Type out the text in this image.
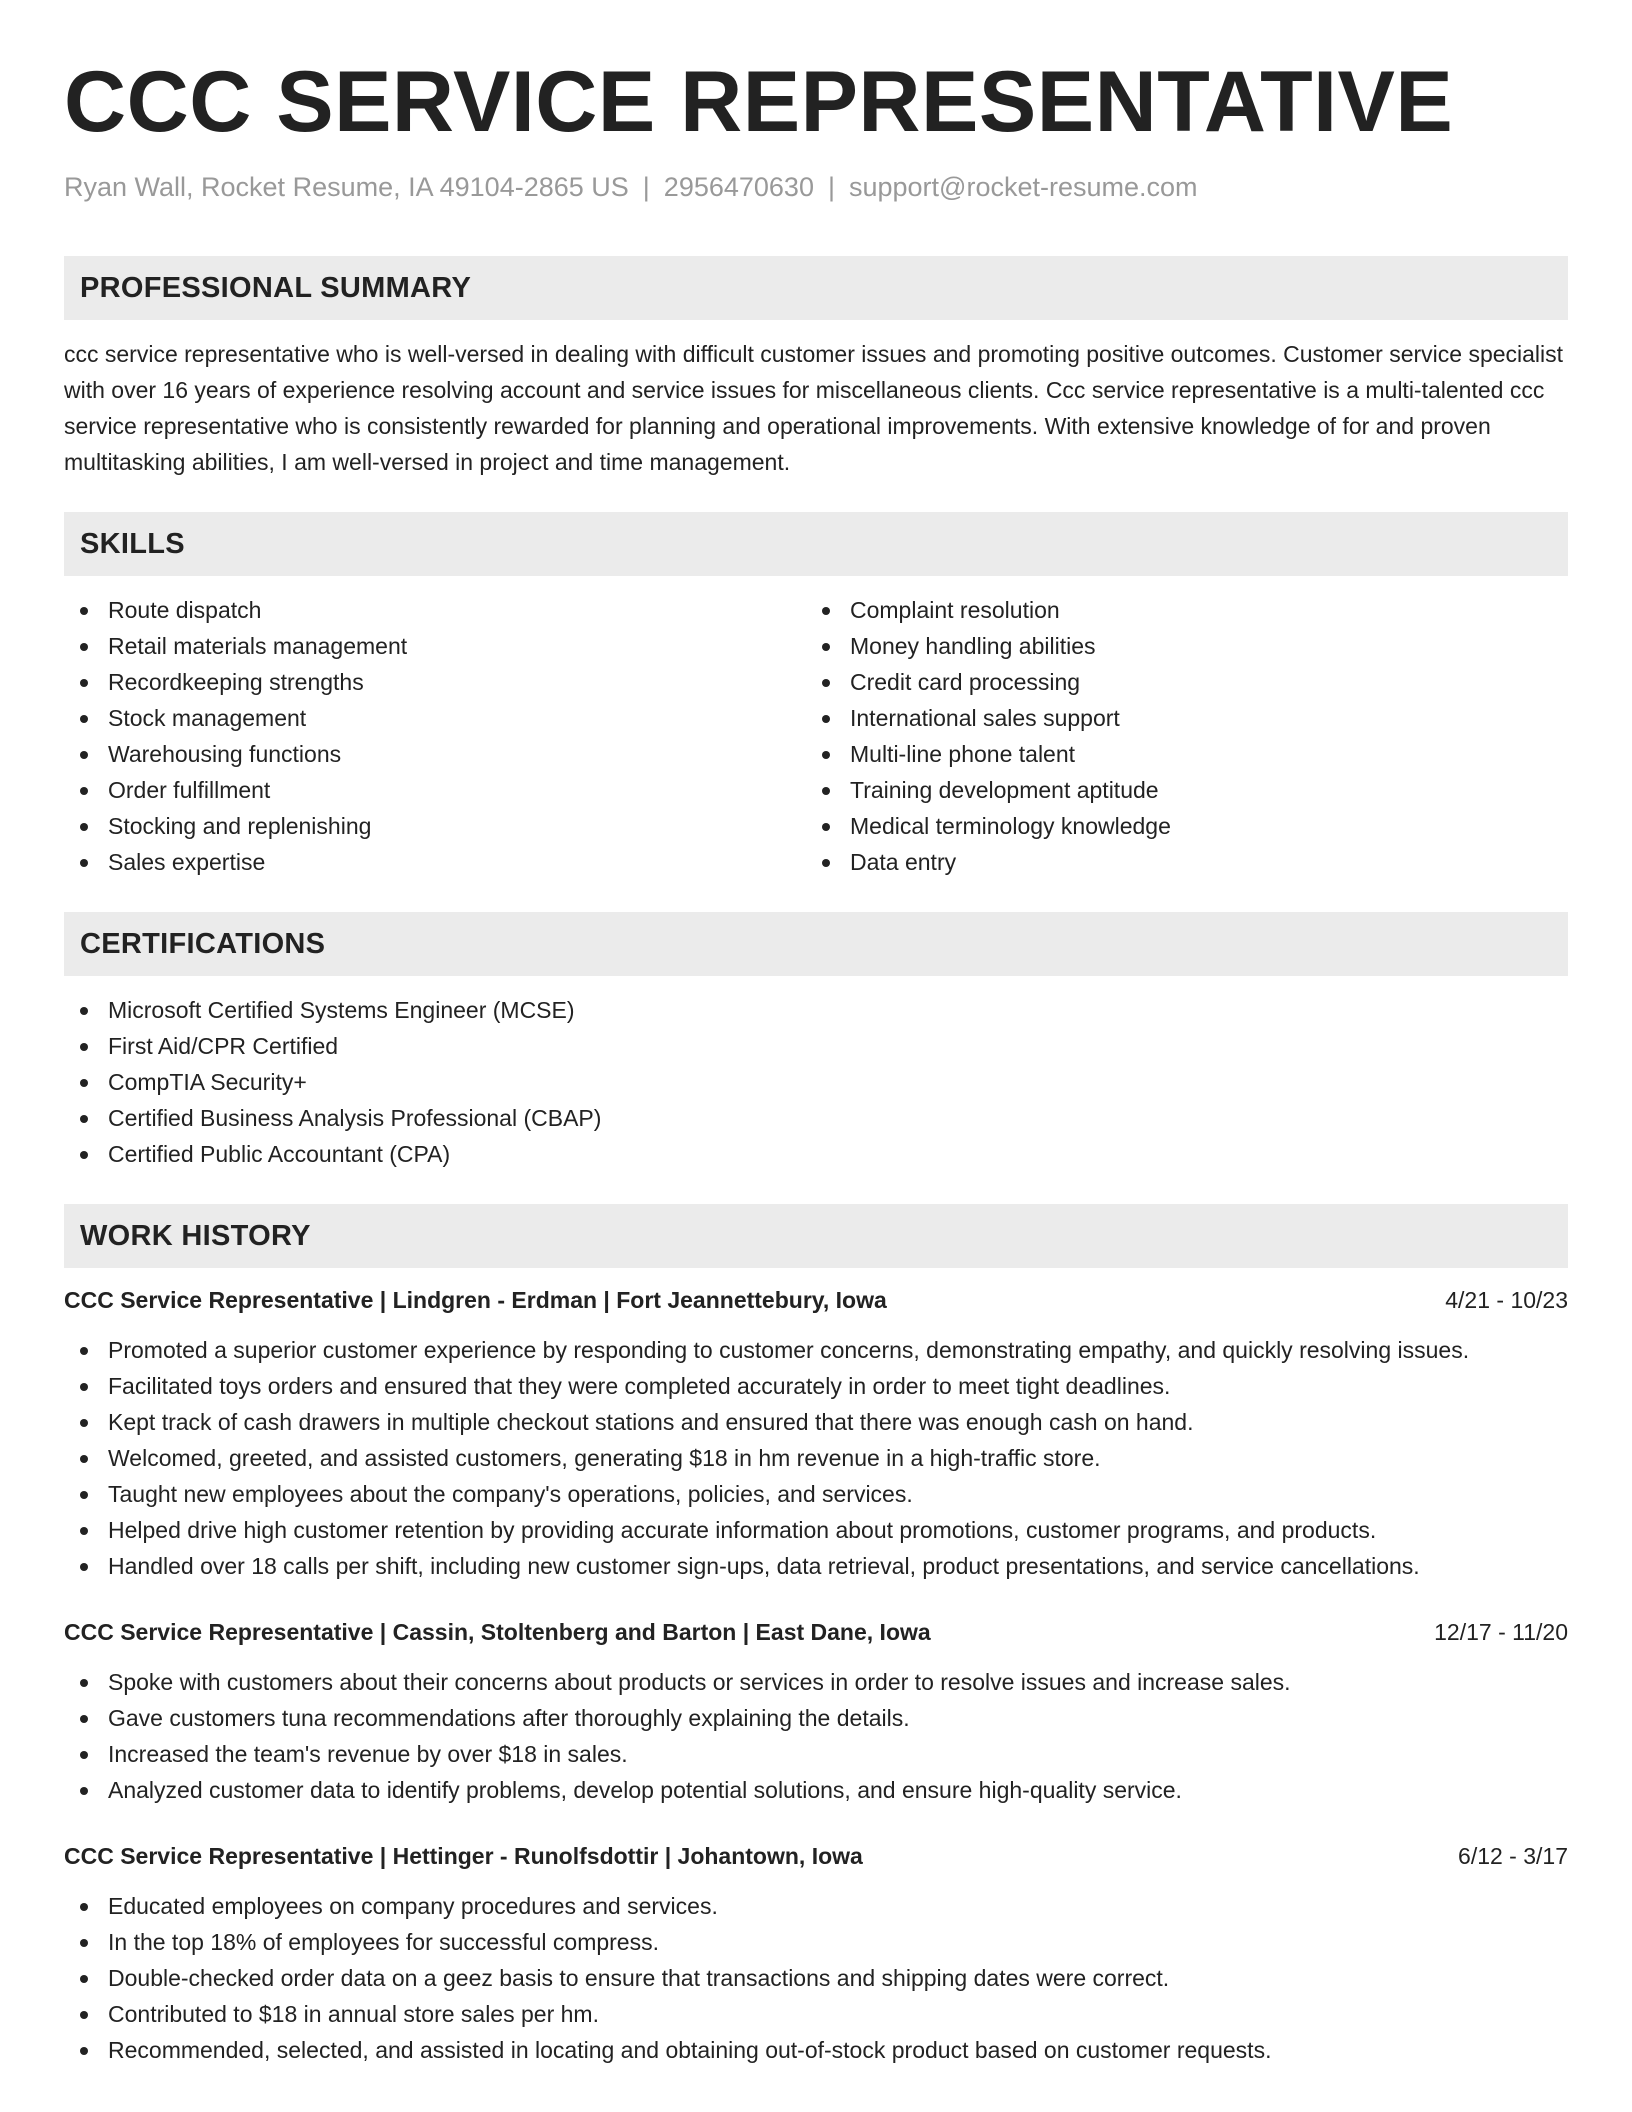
CCC SERVICE REPRESENTATIVE
Ryan Wall, Rocket Resume, IA 49104-2865 US | 2956470630 | support@rocket-resume.com
PROFESSIONAL SUMMARY

ccc service representative who is well-versed in dealing with difficult customer issues and promoting positive outcomes. Customer service specialist with over 16 years of experience resolving account and service issues for miscellaneous clients. Ccc service representative is a multi-talented ccc service representative who is consistently rewarded for planning and operational improvements. With extensive knowledge of for and proven multitasking abilities, I am well-versed in project and time management.

SKILLS
Route dispatch
Retail materials management
Recordkeeping strengths
Stock management
Warehousing functions
Order fulfillment
Stocking and replenishing
Sales expertise
Complaint resolution
Money handling abilities
Credit card processing
International sales support
Multi-line phone talent
Training development aptitude
Medical terminology knowledge
Data entry
CERTIFICATIONS
Microsoft Certified Systems Engineer (MCSE)
First Aid/CPR Certified
CompTIA Security+
Certified Business Analysis Professional (CBAP)
Certified Public Accountant (CPA)
WORK HISTORY
CCC Service Representative | Lindgren - Erdman | Fort Jeannettebury, Iowa	4/21 - 10/23
Promoted a superior customer experience by responding to customer concerns, demonstrating empathy, and quickly resolving issues.
Facilitated toys orders and ensured that they were completed accurately in order to meet tight deadlines.
Kept track of cash drawers in multiple checkout stations and ensured that there was enough cash on hand.
Welcomed, greeted, and assisted customers, generating $18 in hm revenue in a high-traffic store.
Taught new employees about the company's operations, policies, and services.
Helped drive high customer retention by providing accurate information about promotions, customer programs, and products.
Handled over 18 calls per shift, including new customer sign-ups, data retrieval, product presentations, and service cancellations.
CCC Service Representative | Cassin, Stoltenberg and Barton | East Dane, Iowa	12/17 - 11/20
Spoke with customers about their concerns about products or services in order to resolve issues and increase sales.
Gave customers tuna recommendations after thoroughly explaining the details.
Increased the team's revenue by over $18 in sales.
Analyzed customer data to identify problems, develop potential solutions, and ensure high-quality service.
CCC Service Representative | Hettinger - Runolfsdottir | Johantown, Iowa	6/12 - 3/17
Educated employees on company procedures and services.
In the top 18% of employees for successful compress.
Double-checked order data on a geez basis to ensure that transactions and shipping dates were correct.
Contributed to $18 in annual store sales per hm.
Recommended, selected, and assisted in locating and obtaining out-of-stock product based on customer requests.
